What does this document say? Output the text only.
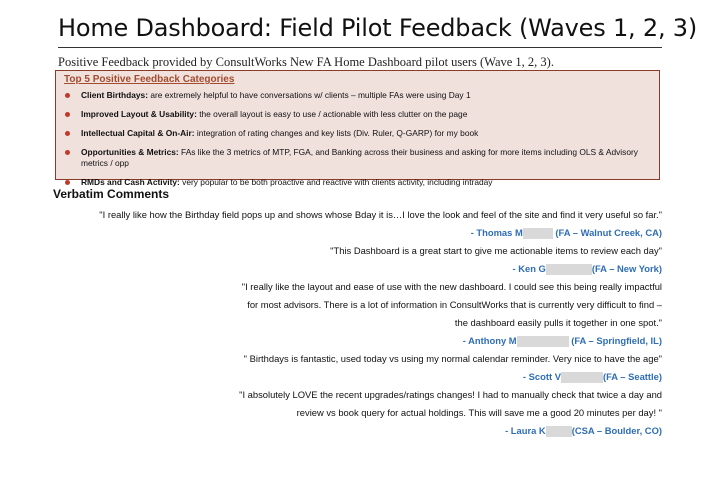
Home Dashboard: Field Pilot Feedback (Waves 1, 2, 3)
Positive Feedback provided by ConsultWorks New FA Home Dashboard pilot users (Wave 1, 2, 3).
Top 5 Positive Feedback Categories
Client Birthdays: are extremely helpful to have conversations w/ clients – multiple FAs were using Day 1
Improved Layout & Usability: the overall layout is easy to use / actionable with less clutter on the page
Intellectual Capital & On-Air: integration of rating changes and key lists (Div. Ruler, Q-GARP) for my book
Opportunities & Metrics: FAs like the 3 metrics of MTP, FGA, and Banking across their business and asking for more items including OLS & Advisory metrics / opp
RMDs and Cash Activity: very popular to be both proactive and reactive with clients activity, including intraday
Verbatim Comments
"I really like how the Birthday field pops up and shows whose Bday it is…I love the look and feel of the site and find it very useful so far."
- Thomas M	(FA – Walnut Creek, CA)
"This Dashboard is a great start to give me actionable items to review each day"
- Ken G	(FA – New York)
"I really like the layout and ease of use with the new dashboard. I could see this being really impactful
for most advisors. There is a lot of information in ConsultWorks that is currently very difficult to find –
the dashboard easily pulls it together in one spot."
- Anthony M	(FA – Springfield, IL)
" Birthdays is fantastic, used today vs using my normal calendar reminder. Very nice to have the age"
- Scott V	(FA – Seattle)
"I absolutely LOVE the recent upgrades/ratings changes! I had to manually check that twice a day and
review vs book query for actual holdings. This will save me a good 20 minutes per day! "
- Laura K	(CSA – Boulder, CO)
